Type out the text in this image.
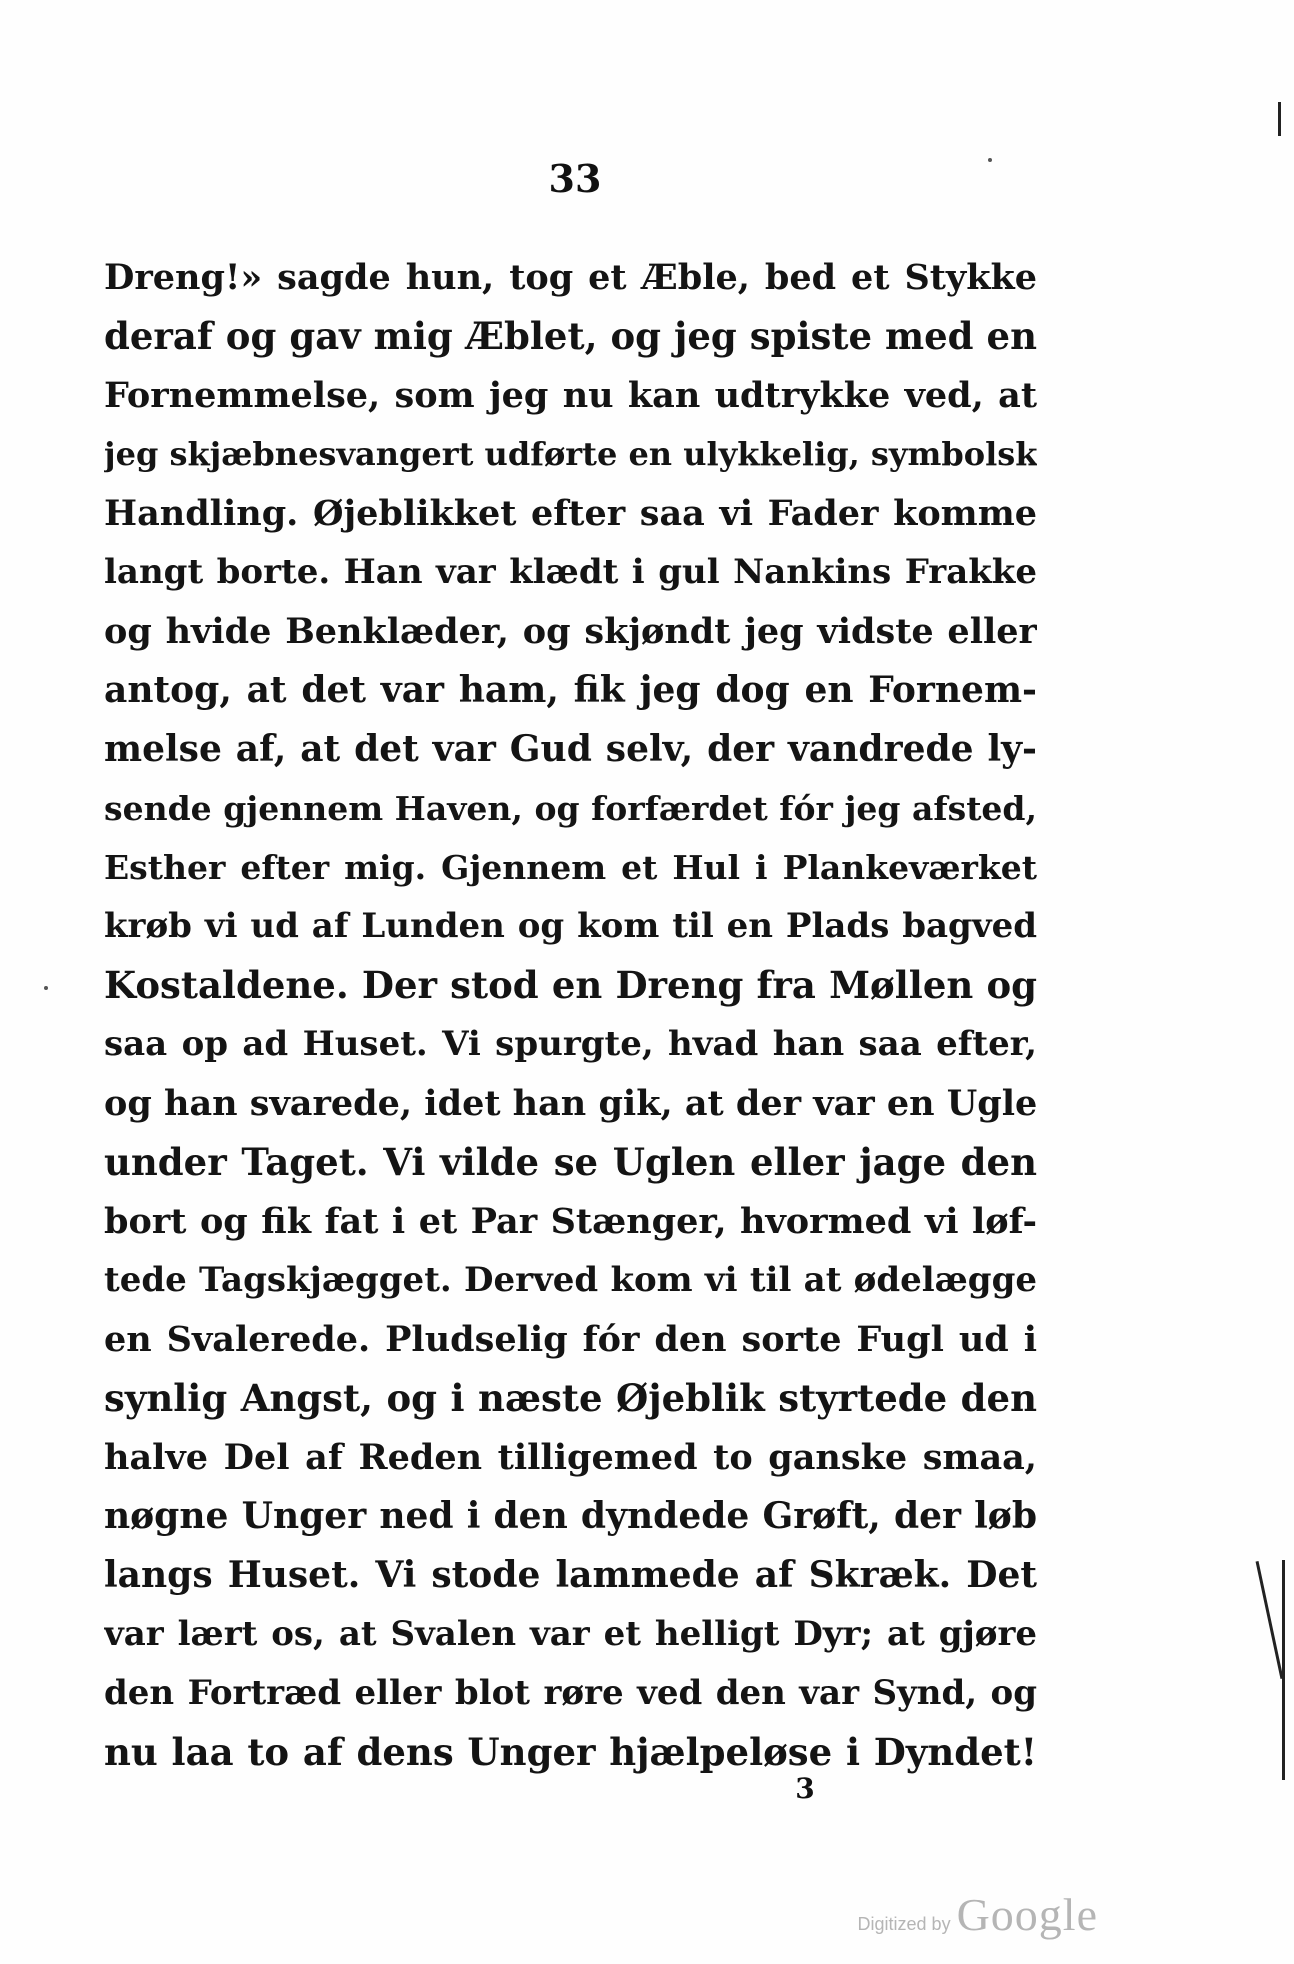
33
Dreng!» sagde hun, tog et Æble, bed et Stykke
deraf og gav mig Æblet, og jeg spiste med en
Fornemmelse, som jeg nu kan udtrykke ved, at
jeg skjæbnesvangert udførte en ulykkelig, symbolsk
Handling. Øjeblikket efter saa vi Fader komme
langt borte. Han var klædt i gul Nankins Frakke
og hvide Benklæder, og skjøndt jeg vidste eller
antog, at det var ham, fik jeg dog en Fornem-
melse af, at det var Gud selv, der vandrede ly-
sende gjennem Haven, og forfærdet fór jeg afsted,
Esther efter mig. Gjennem et Hul i Plankeværket
krøb vi ud af Lunden og kom til en Plads bagved
Kostaldene. Der stod en Dreng fra Møllen og
saa op ad Huset. Vi spurgte, hvad han saa efter,
og han svarede, idet han gik, at der var en Ugle
under Taget. Vi vilde se Uglen eller jage den
bort og fik fat i et Par Stænger, hvormed vi løf-
tede Tagskjægget. Derved kom vi til at ødelægge
en Svalerede. Pludselig fór den sorte Fugl ud i
synlig Angst, og i næste Øjeblik styrtede den
halve Del af Reden tilligemed to ganske smaa,
nøgne Unger ned i den dyndede Grøft, der løb
langs Huset. Vi stode lammede af Skræk. Det
var lært os, at Svalen var et helligt Dyr; at gjøre
den Fortræd eller blot røre ved den var Synd, og
nu laa to af dens Unger hjælpeløse i Dyndet!
3
Digitized by Google
